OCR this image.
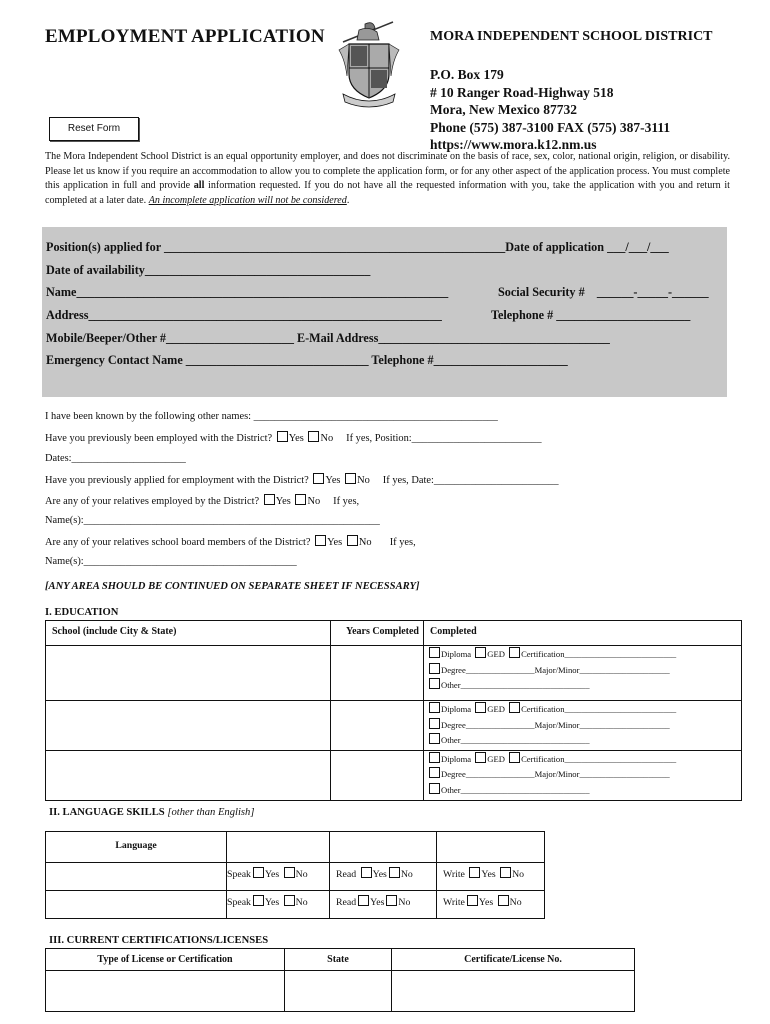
EMPLOYMENT APPLICATION	MORA INDEPENDENT SCHOOL DISTRICT
P.O. Box 179
# 10 Ranger Road-Highway 518
Mora, New Mexico 87732
Phone (575) 387-3100 FAX (575) 387-3111
https://www.mora.k12.nm.us
Reset Form
The Mora Independent School District is an equal opportunity employer, and does not discriminate on the basis of race, sex, color, national origin, religion, or disability. Please let us know if you require an accommodation to allow you to complete the application form, or for any other aspect of the application process. You must complete this application in full and provide all information requested. If you do not have all the requested information with you, take the application with you and return it completed at a later date. An incomplete application will not be considered.
Position(s) applied for ________________________________________________________Date of application ___/___/___
Date of availability_____________________________________
Name_____________________________________________________________	Social Security # ______-_____-______
Address__________________________________________________________	Telephone # ______________________
Mobile/Beeper/Other #_____________________ E-Mail Address______________________________________
Emergency Contact Name ______________________________ Telephone #______________________
I have been known by the following other names: _______________________________________________
Have you previously been employed with the District? Yes No If yes, Position:_________________________
Dates:______________________
Have you previously applied for employment with the District? Yes No If yes, Date:________________________
Are any of your relatives employed by the District? Yes No If yes,
Name(s):_________________________________________________________
Are any of your relatives school board members of the District? Yes No If yes,
Name(s):_________________________________________
[ANY AREA SHOULD BE CONTINUED ON SEPARATE SHEET IF NECESSARY]
I. EDUCATION
School (include City & State)	Years Completed	Completed

		Diploma GED Certification__________________________
Degree________________Major/Minor_____________________
Other______________________________

		Diploma GED Certification__________________________
Degree________________Major/Minor_____________________
Other______________________________

		Diploma GED Certification__________________________
Degree________________Major/Minor_____________________
Other______________________________
II. LANGUAGE SKILLS [other than English]
Language			
	Speak Yes No	Read Yes No	Write Yes No
	Speak Yes No	Read Yes No	Write Yes No
III. CURRENT CERTIFICATIONS/LICENSES
Type of License or Certification	State	Certificate/License No.
